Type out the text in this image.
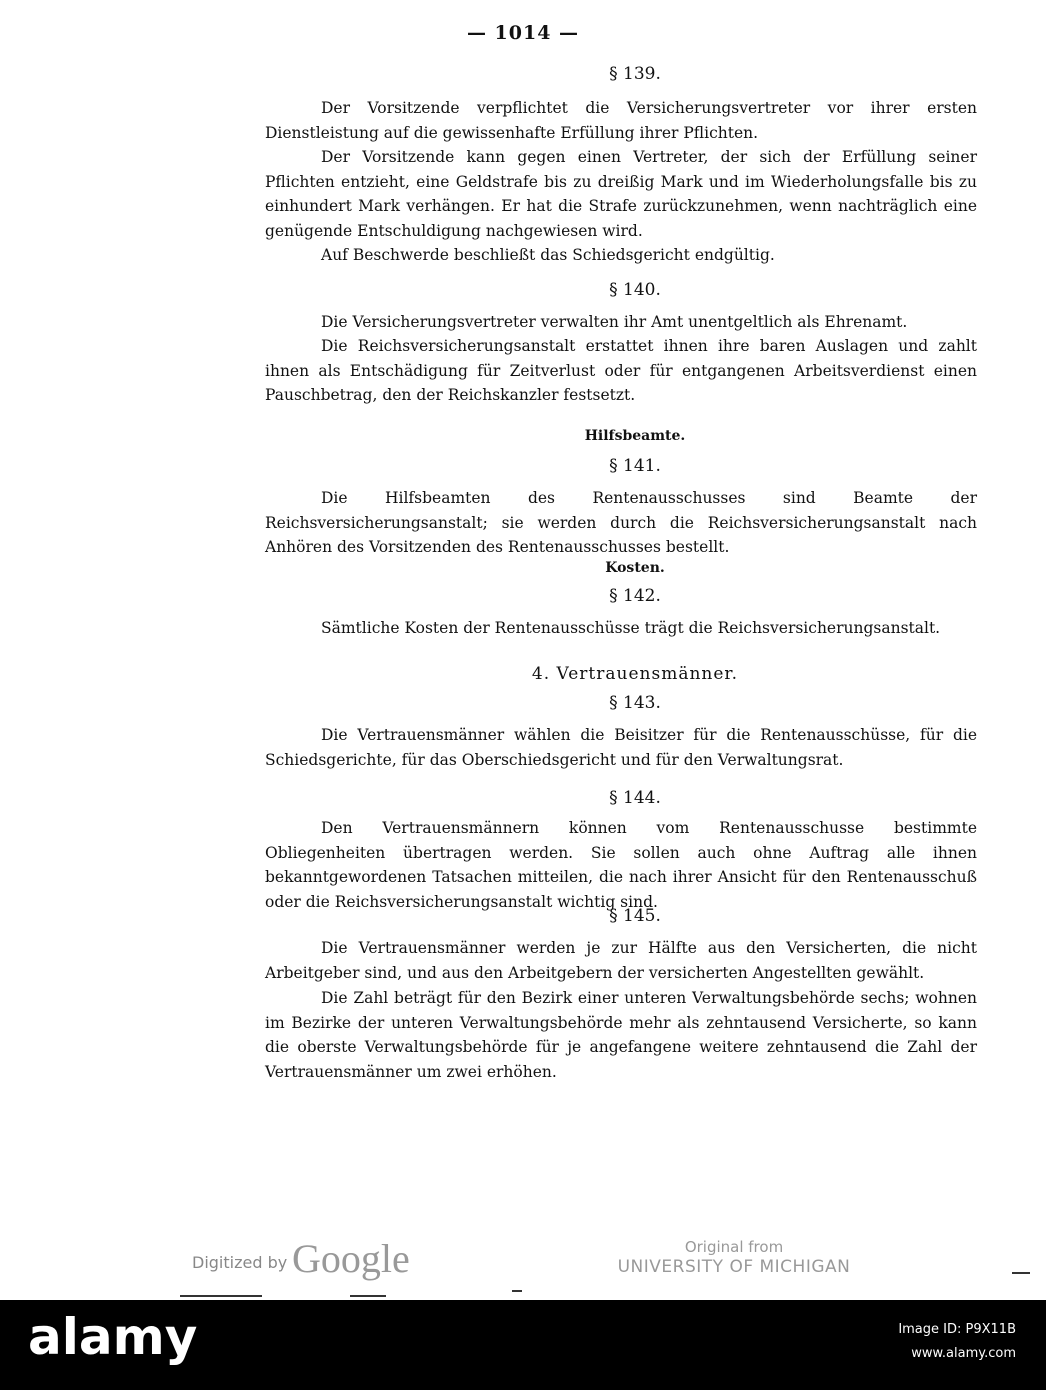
— 1014 —
§ 139.

Der Vorsitzende verpflichtet die Versicherungsvertreter vor ihrer ersten Dienstleistung auf die gewissenhafte Erfüllung ihrer Pflichten.

Der Vorsitzende kann gegen einen Vertreter, der sich der Erfüllung seiner Pflichten entzieht, eine Geldstrafe bis zu dreißig Mark und im Wiederholungsfalle bis zu einhundert Mark verhängen. Er hat die Strafe zurückzunehmen, wenn nachträglich eine genügende Entschuldigung nachgewiesen wird.

Auf Beschwerde beschließt das Schiedsgericht endgültig.

§ 140.

Die Versicherungsvertreter verwalten ihr Amt unentgeltlich als Ehrenamt.

Die Reichsversicherungsanstalt erstattet ihnen ihre baren Auslagen und zahlt ihnen als Entschädigung für Zeitverlust oder für entgangenen Arbeitsverdienst einen Pauschbetrag, den der Reichskanzler festsetzt.

Hilfsbeamte.
§ 141.

Die Hilfsbeamten des Rentenausschusses sind Beamte der Reichsversicherungsanstalt; sie werden durch die Reichsversicherungsanstalt nach Anhören des Vorsitzenden des Rentenausschusses bestellt.

Kosten.
§ 142.

Sämtliche Kosten der Rentenausschüsse trägt die Reichsversicherungsanstalt.

4. Vertrauensmänner.
§ 143.

Die Vertrauensmänner wählen die Beisitzer für die Rentenausschüsse, für die Schiedsgerichte, für das Oberschiedsgericht und für den Verwaltungsrat.

§ 144.

Den Vertrauensmännern können vom Rentenausschusse bestimmte Obliegenheiten übertragen werden. Sie sollen auch ohne Auftrag alle ihnen bekanntgewordenen Tatsachen mitteilen, die nach ihrer Ansicht für den Rentenausschuß oder die Reichsversicherungsanstalt wichtig sind.

§ 145.

Die Vertrauensmänner werden je zur Hälfte aus den Versicherten, die nicht Arbeitgeber sind, und aus den Arbeitgebern der versicherten Angestellten gewählt.

Die Zahl beträgt für den Bezirk einer unteren Verwaltungsbehörde sechs; wohnen im Bezirke der unteren Verwaltungsbehörde mehr als zehntausend Versicherte, so kann die oberste Verwaltungsbehörde für je angefangene weitere zehntausend die Zahl der Vertrauensmänner um zwei erhöhen.

Digitized by Google	Original from
UNIVERSITY OF MICHIGAN
alamy	Image ID: P9X11B
www.alamy.com
